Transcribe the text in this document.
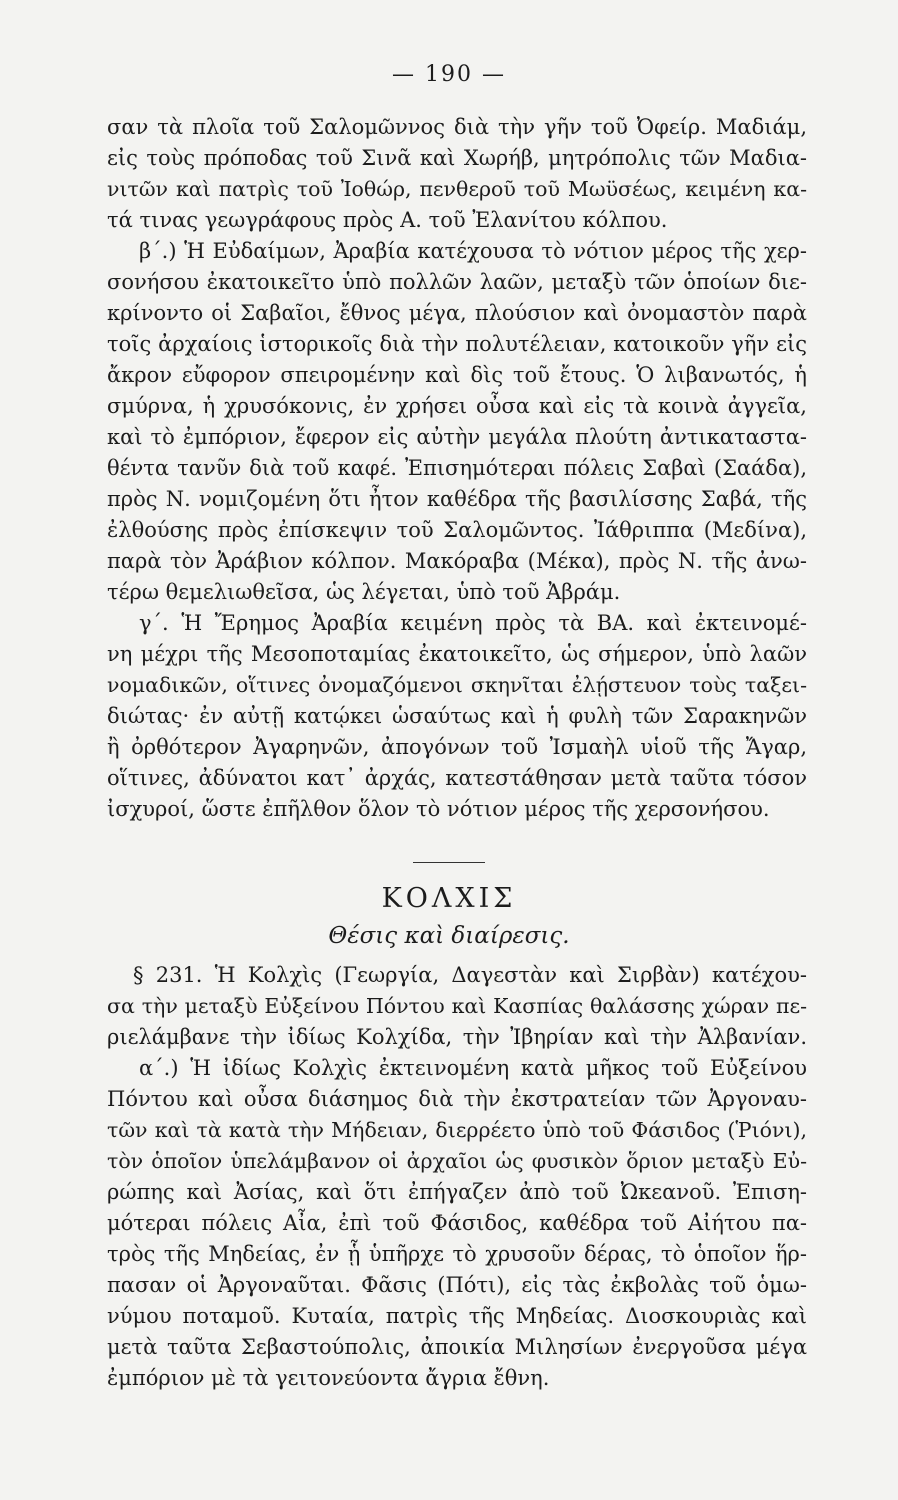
— 190 —
σαν τὰ πλοῖα τοῦ Σαλομῶννος διὰ τὴν γῆν τοῦ Ὀφείρ. Μαδιάμ,
εἰς τοὺς πρόποδας τοῦ Σινᾶ καὶ Χωρήβ, μητρόπολις τῶν Μαδια-
νιτῶν καὶ πατρὶς τοῦ Ἰοθώρ, πενθεροῦ τοῦ Μωϋσέως, κειμένη κα-
τά τινας γεωγράφους πρὸς Α. τοῦ Ἐλανίτου κόλπου.
β΄.) Ἡ Εὐδαίμων, Ἀραβία κατέχουσα τὸ νότιον μέρος τῆς χερ-
σονήσου ἐκατοικεῖτο ὑπὸ πολλῶν λαῶν, μεταξὺ τῶν ὁποίων διε-
κρίνοντο οἱ Σαβαῖοι, ἔθνος μέγα, πλούσιον καὶ ὀνομαστὸν παρὰ
τοῖς ἀρχαίοις ἱστορικοῖς διὰ τὴν πολυτέλειαν, κατοικοῦν γῆν εἰς
ἄκρον εὔφορον σπειρομένην καὶ δὶς τοῦ ἔτους. Ὁ λιβανωτός, ἡ
σμύρνα, ἡ χρυσόκονις, ἐν χρήσει οὖσα καὶ εἰς τὰ κοινὰ ἀγγεῖα,
καὶ τὸ ἐμπόριον, ἔφερον εἰς αὐτὴν μεγάλα πλούτη ἀντικαταστα-
θέντα τανῦν διὰ τοῦ καφέ. Ἐπισημότεραι πόλεις Σαβαὶ (Σαάδα),
πρὸς Ν. νομιζομένη ὅτι ἦτον καθέδρα τῆς βασιλίσσης Σαβά, τῆς
ἐλθούσης πρὸς ἐπίσκεψιν τοῦ Σαλομῶντος. Ἰάθριππα (Μεδίνα),
παρὰ τὸν Ἀράβιον κόλπον. Μακόραβα (Μέκα), πρὸς Ν. τῆς ἀνω-
τέρω θεμελιωθεῖσα, ὡς λέγεται, ὑπὸ τοῦ Ἀβράμ.
γ΄. Ἡ Ἔρημος Ἀραβία κειμένη πρὸς τὰ ΒΑ. καὶ ἐκτεινομέ-
νη μέχρι τῆς Μεσοποταμίας ἐκατοικεῖτο, ὡς σήμερον, ὑπὸ λαῶν
νομαδικῶν, οἵτινες ὀνομαζόμενοι σκηνῖται ἐλῄστευον τοὺς ταξει-
διώτας· ἐν αὐτῇ κατῴκει ὡσαύτως καὶ ἡ φυλὴ τῶν Σαρακηνῶν
ἢ ὀρθότερον Ἀγαρηνῶν, ἀπογόνων τοῦ Ἰσμαὴλ υἱοῦ τῆς Ἄγαρ,
οἵτινες, ἀδύνατοι κατ᾽ ἀρχάς, κατεστάθησαν μετὰ ταῦτα τόσον
ἰσχυροί, ὥστε ἐπῆλθον ὅλον τὸ νότιον μέρος τῆς χερσονήσου.
ΚΟΛΧΙΣ
Θέσις καὶ διαίρεσις.
§ 231. Ἡ Κολχὶς (Γεωργία, Δαγεστὰν καὶ Σιρβὰν) κατέχου-
σα τὴν μεταξὺ Εὐξείνου Πόντου καὶ Κασπίας θαλάσσης χώραν πε-
ριελάμβανε τὴν ἰδίως Κολχίδα, τὴν Ἰβηρίαν καὶ τὴν Ἀλβανίαν.
α΄.) Ἡ ἰδίως Κολχὶς ἐκτεινομένη κατὰ μῆκος τοῦ Εὐξείνου
Πόντου καὶ οὖσα διάσημος διὰ τὴν ἐκστρατείαν τῶν Ἀργοναυ-
τῶν καὶ τὰ κατὰ τὴν Μήδειαν, διερρέετο ὑπὸ τοῦ Φάσιδος (Ῥιόνι),
τὸν ὁποῖον ὑπελάμβανον οἱ ἀρχαῖοι ὡς φυσικὸν ὅριον μεταξὺ Εὐ-
ρώπης καὶ Ἀσίας, καὶ ὅτι ἐπήγαζεν ἀπὸ τοῦ Ὠκεανοῦ. Ἐπιση-
μότεραι πόλεις Αἶα, ἐπὶ τοῦ Φάσιδος, καθέδρα τοῦ Αἰήτου πα-
τρὸς τῆς Μηδείας, ἐν ᾗ ὑπῆρχε τὸ χρυσοῦν δέρας, τὸ ὁποῖον ἥρ-
πασαν οἱ Ἀργοναῦται. Φᾶσις (Πότι), εἰς τὰς ἐκβολὰς τοῦ ὁμω-
νύμου ποταμοῦ. Κυταία, πατρὶς τῆς Μηδείας. Διοσκουριὰς καὶ
μετὰ ταῦτα Σεβαστούπολις, ἀποικία Μιλησίων ἐνεργοῦσα μέγα
ἐμπόριον μὲ τὰ γειτονεύοντα ἄγρια ἔθνη.
